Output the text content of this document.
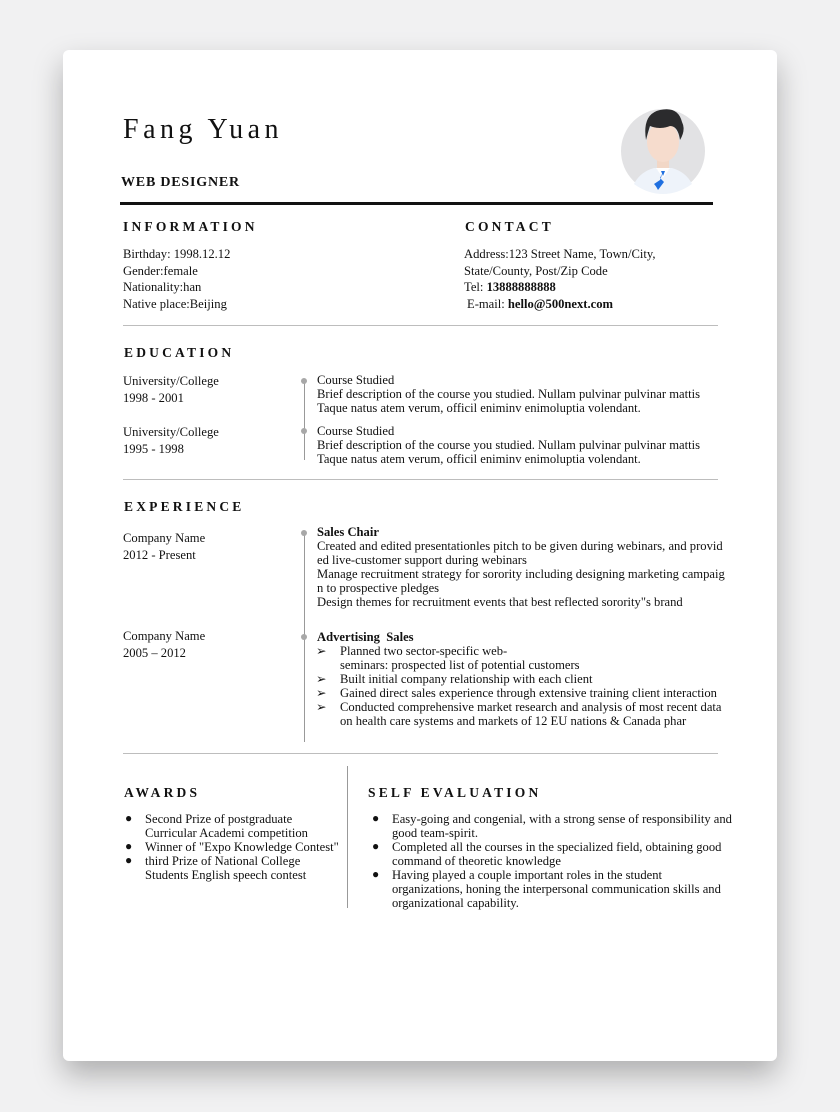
Fang Yuan
WEB DESIGNER
INFORMATION
Birthday: 1998.12.12
Gender:female
Nationality:han
Native place:Beijing
CONTACT
Address:123 Street Name, Town/City,
State/County, Post/Zip Code
Tel: 13888888888
E-mail: hello@500next.com
EDUCATION
University/College
1998 - 2001
Course Studied
Brief description of the course you studied. Nullam pulvinar pulvinar mattis
Taque natus atem verum, officil eniminv enimoluptia volendant.
University/College
1995 - 1998
Course Studied
Brief description of the course you studied. Nullam pulvinar pulvinar mattis
Taque natus atem verum, officil eniminv enimoluptia volendant.
EXPERIENCE
Company Name
2012 - Present
Sales Chair
Created and edited presentationles pitch to be given during webinars, and provid
ed live-customer support during webinars
Manage recruitment strategy for sorority including designing marketing campaig
n to prospective pledges
Design themes for recruitment events that best reflected sorority"s brand
Company Name
2005 – 2012
Advertising  Sales
➢ Planned two sector-specific web-
seminars: prospected list of potential customers
➢ Built initial company relationship with each client
➢ Gained direct sales experience through extensive training client interaction
➢ Conducted comprehensive market research and analysis of most recent data
on health care systems and markets of 12 EU nations & Canada phar
AWARDS
● Second Prize of postgraduate
Curricular Academi competition
● Winner of "Expo Knowledge Contest"
● third Prize of National College
Students English speech contest
SELF EVALUATION
● Easy-going and congenial, with a strong sense of responsibility and
good team-spirit.
● Completed all the courses in the specialized field, obtaining good
command of theoretic knowledge
● Having played a couple important roles in the student
organizations, honing the interpersonal communication skills and
organizational capability.
